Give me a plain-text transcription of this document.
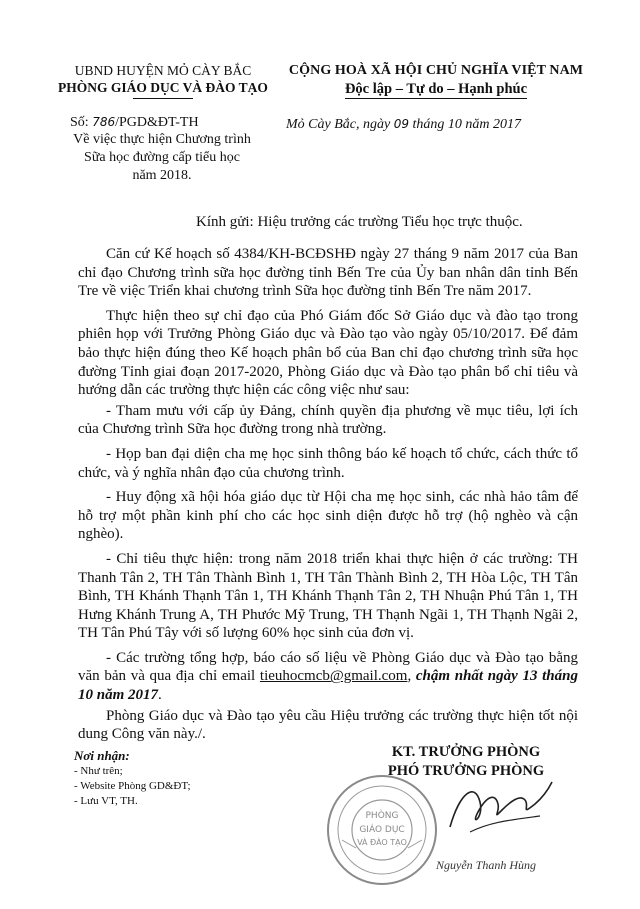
UBND HUYỆN MỎ CÀY BẮC
PHÒNG GIÁO DỤC VÀ ĐÀO TẠO
CỘNG HOÀ XÃ HỘI CHỦ NGHĨA VIỆT NAM
Độc lập – Tự do – Hạnh phúc
Số: 786/PGD&ĐT-TH
Về việc thực hiện Chương trình
Sữa học đường cấp tiểu học
năm 2018.
Mỏ Cày Bắc, ngày 09 tháng 10 năm 2017
Kính gửi: Hiệu trưởng các trường Tiểu học trực thuộc.

Căn cứ Kế hoạch số 4384/KH-BCĐSHĐ ngày 27 tháng 9 năm 2017 của Ban chỉ đạo Chương trình sữa học đường tỉnh Bến Tre của Ủy ban nhân dân tỉnh Bến Tre về việc Triển khai chương trình Sữa học đường tỉnh Bến Tre năm 2017.

Thực hiện theo sự chỉ đạo của Phó Giám đốc Sở Giáo dục và đào tạo trong phiên họp với Trưởng Phòng Giáo dục và Đào tạo vào ngày 05/10/2017. Để đảm bảo thực hiện đúng theo Kế hoạch phân bổ của Ban chỉ đạo chương trình sữa học đường Tỉnh giai đoạn 2017-2020, Phòng Giáo dục và Đào tạo phân bổ chỉ tiêu và hướng dẫn các trường thực hiện các công việc như sau:

- Tham mưu với cấp ủy Đảng, chính quyền địa phương về mục tiêu, lợi ích của Chương trình Sữa học đường trong nhà trường.

- Họp ban đại diện cha mẹ học sinh thông báo kế hoạch tổ chức, cách thức tổ chức, và ý nghĩa nhân đạo của chương trình.

- Huy động xã hội hóa giáo dục từ Hội cha mẹ học sinh, các nhà hảo tâm để hỗ trợ một phần kinh phí cho các học sinh diện được hỗ trợ (hộ nghèo và cận nghèo).

- Chỉ tiêu thực hiện: trong năm 2018 triển khai thực hiện ở các trường: TH Thanh Tân 2, TH Tân Thành Bình 1, TH Tân Thành Bình 2, TH Hòa Lộc, TH Tân Bình, TH Khánh Thạnh Tân 1, TH Khánh Thạnh Tân 2, TH Nhuận Phú Tân 1, TH Hưng Khánh Trung A, TH Phước Mỹ Trung, TH Thạnh Ngãi 1, TH Thạnh Ngãi 2, TH Tân Phú Tây với số lượng 60% học sinh của đơn vị.

- Các trường tổng hợp, báo cáo số liệu về Phòng Giáo dục và Đào tạo bằng văn bản và qua địa chỉ email tieuhocmcb@gmail.com, chậm nhất ngày 13 tháng 10 năm 2017.

Phòng Giáo dục và Đào tạo yêu cầu Hiệu trưởng các trường thực hiện tốt nội dung Công văn này./.

Nơi nhận:
- Như trên;
- Website Phòng GD&ĐT;
- Lưu VT, TH.
KT. TRƯỞNG PHÒNG
PHÓ TRƯỞNG PHÒNG
PHÒNG
GIÁO DỤC
VÀ ĐÀO TẠO
Nguyễn Thanh Hùng
